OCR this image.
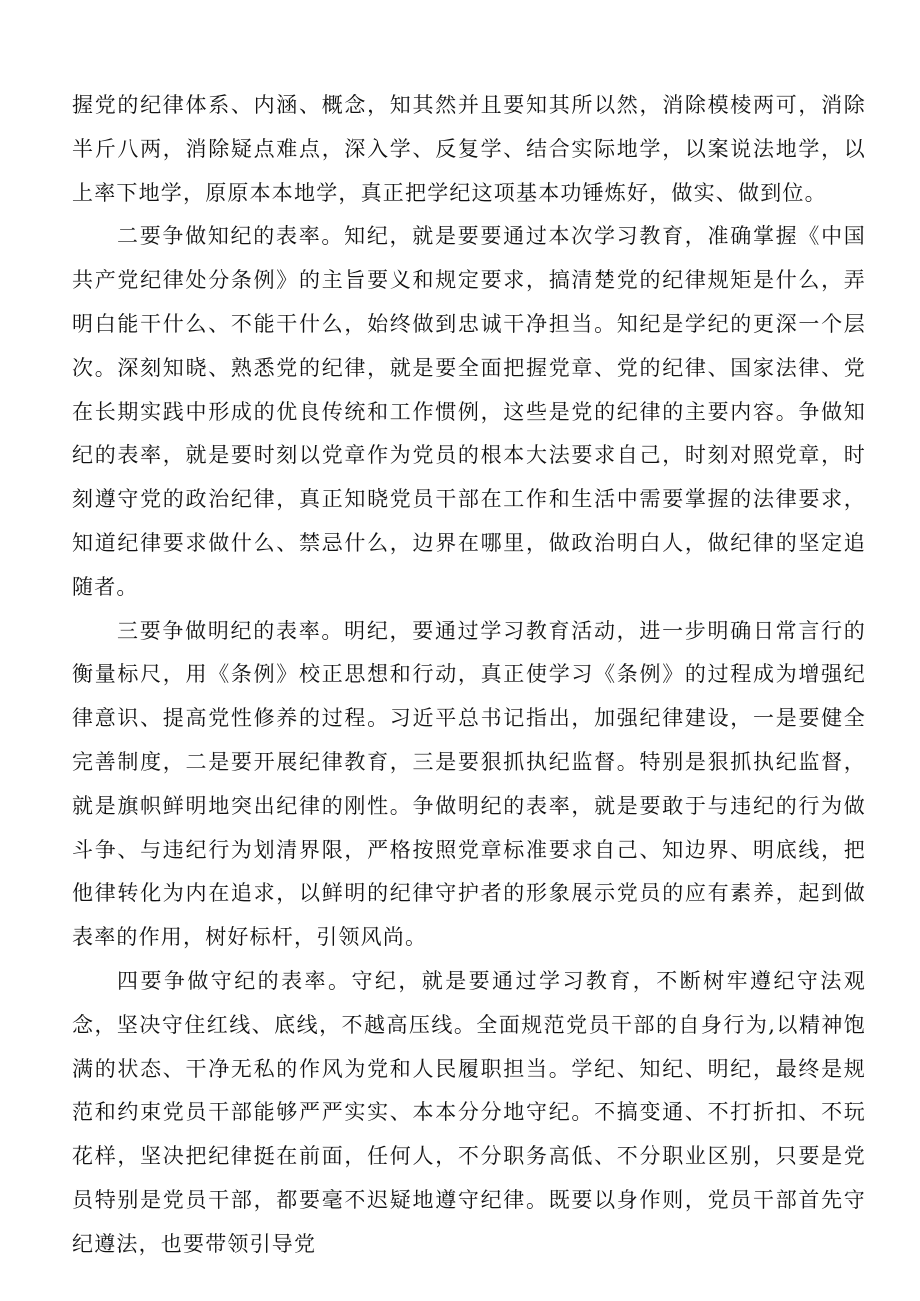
握党的纪律体系、内涵、概念，知其然并且要知其所以然，消除模棱两可，消除半斤八两，消除疑点难点，深入学、反复学、结合实际地学，以案说法地学，以上率下地学，原原本本地学，真正把学纪这项基本功锤炼好，做实、做到位。

二要争做知纪的表率。知纪，就是要要通过本次学习教育，准确掌握《中国共产党纪律处分条例》的主旨要义和规定要求，搞清楚党的纪律规矩是什么，弄明白能干什么、不能干什么，始终做到忠诚干净担当。知纪是学纪的更深一个层次。深刻知晓、熟悉党的纪律，就是要全面把握党章、党的纪律、国家法律、党在长期实践中形成的优良传统和工作惯例，这些是党的纪律的主要内容。争做知纪的表率，就是要时刻以党章作为党员的根本大法要求自己，时刻对照党章，时刻遵守党的政治纪律，真正知晓党员干部在工作和生活中需要掌握的法律要求，知道纪律要求做什么、禁忌什么，边界在哪里，做政治明白人，做纪律的坚定追随者。

三要争做明纪的表率。明纪，要通过学习教育活动，进一步明确日常言行的衡量标尺，用《条例》校正思想和行动，真正使学习《条例》的过程成为增强纪律意识、提高党性修养的过程。习近平总书记指出，加强纪律建设，一是要健全完善制度，二是要开展纪律教育，三是要狠抓执纪监督。特别是狠抓执纪监督，就是旗帜鲜明地突出纪律的刚性。争做明纪的表率，就是要敢于与违纪的行为做斗争、与违纪行为划清界限，严格按照党章标准要求自己、知边界、明底线，把他律转化为内在追求，以鲜明的纪律守护者的形象展示党员的应有素养，起到做表率的作用，树好标杆，引领风尚。

四要争做守纪的表率。守纪，就是要通过学习教育，不断树牢遵纪守法观念，坚决守住红线、底线，不越高压线。全面规范党员干部的自身行为,以精神饱满的状态、干净无私的作风为党和人民履职担当。学纪、知纪、明纪，最终是规范和约束党员干部能够严严实实、本本分分地守纪。不搞变通、不打折扣、不玩花样，坚决把纪律挺在前面，任何人，不分职务高低、不分职业区别，只要是党员特别是党员干部，都要毫不迟疑地遵守纪律。既要以身作则，党员干部首先守纪遵法，也要带领引导党
